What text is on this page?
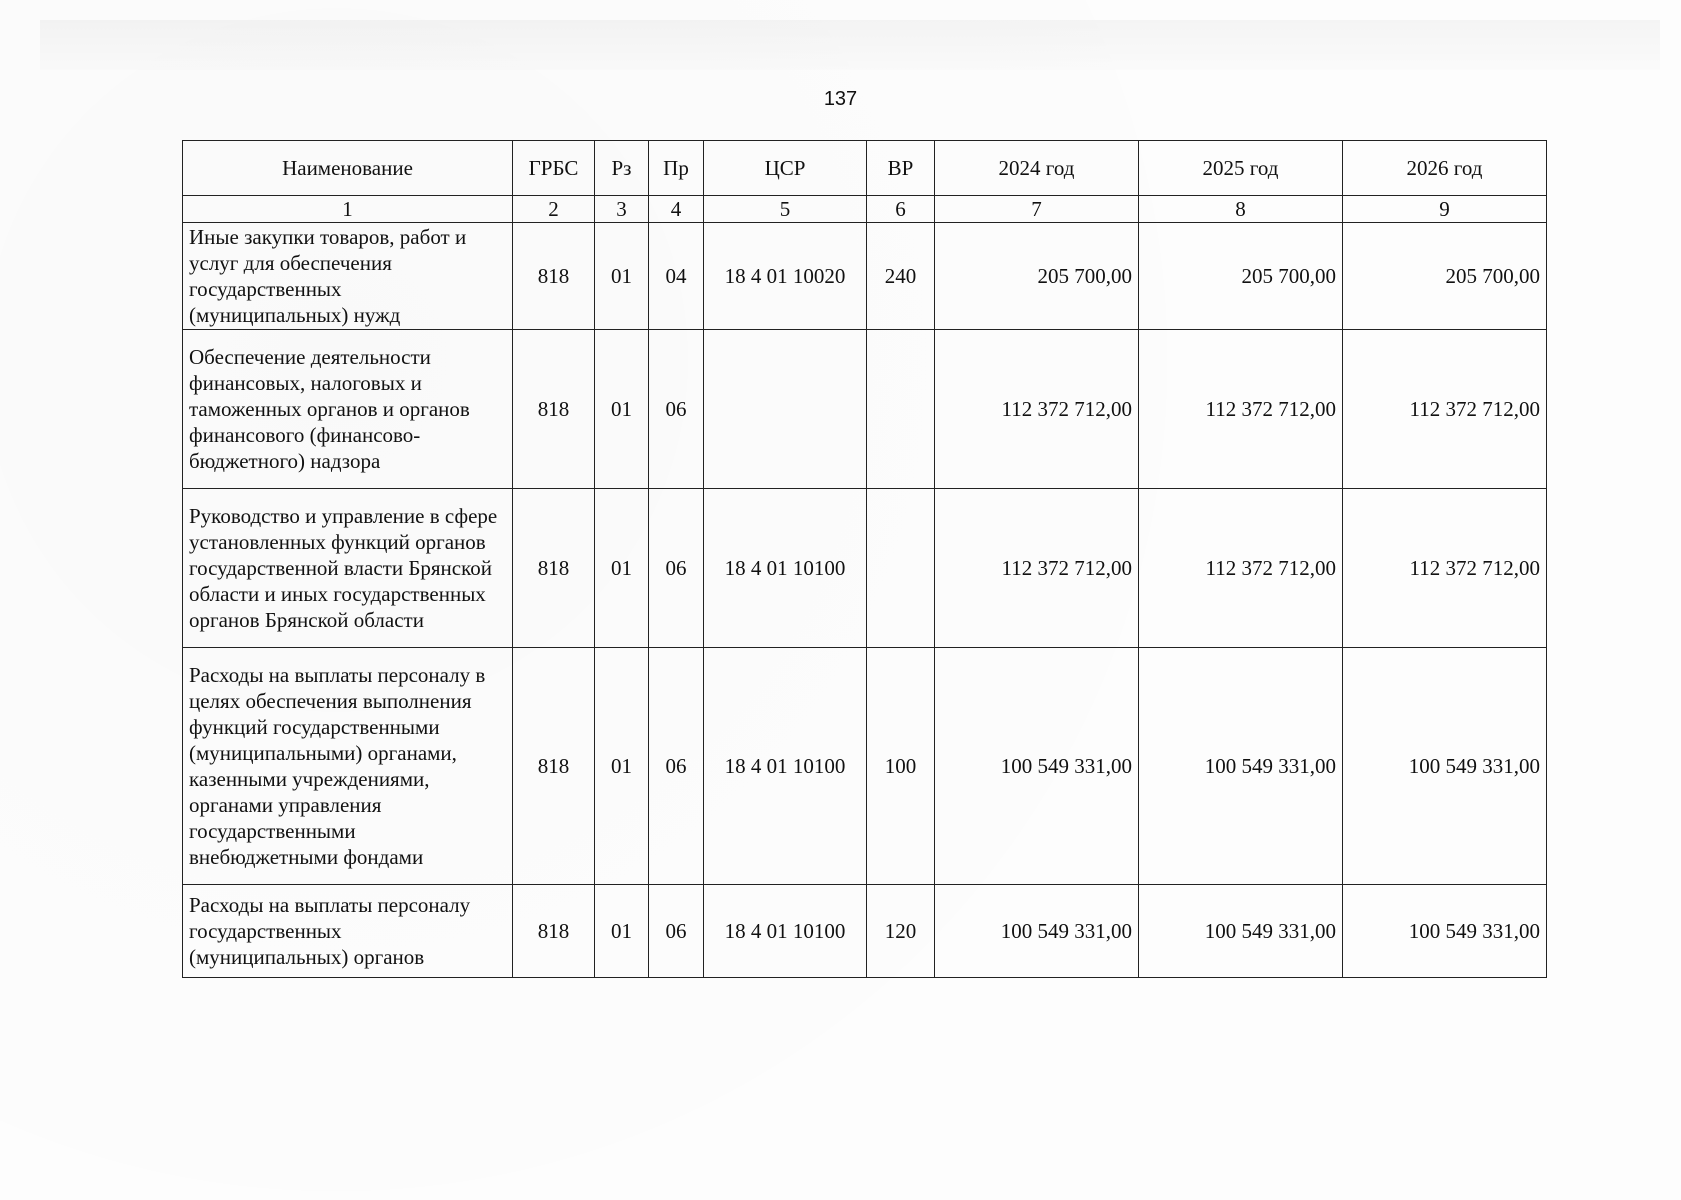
137
Наименование	ГРБС	Рз	Пр	ЦСР	ВР	2024 год	2025 год	2026 год
1	2	3	4	5	6	7	8	9
Иные закупки товаров, работ и услуг для обеспечения государственных (муниципальных) нужд	818	01	04	18 4 01 10020	240	205 700,00	205 700,00	205 700,00
Обеспечение деятельности финансовых, налоговых и таможенных органов и органов финансового (финансово-бюджетного) надзора	818	01	06			112 372 712,00	112 372 712,00	112 372 712,00
Руководство и управление в сфере установленных функций органов государственной власти Брянской области и иных государственных органов Брянской области	818	01	06	18 4 01 10100		112 372 712,00	112 372 712,00	112 372 712,00
Расходы на выплаты персоналу в целях обеспечения выполнения функций государственными (муниципальными) органами, казенными учреждениями, органами управления государственными внебюджетными фондами	818	01	06	18 4 01 10100	100	100 549 331,00	100 549 331,00	100 549 331,00
Расходы на выплаты персоналу государственных (муниципальных) органов	818	01	06	18 4 01 10100	120	100 549 331,00	100 549 331,00	100 549 331,00
